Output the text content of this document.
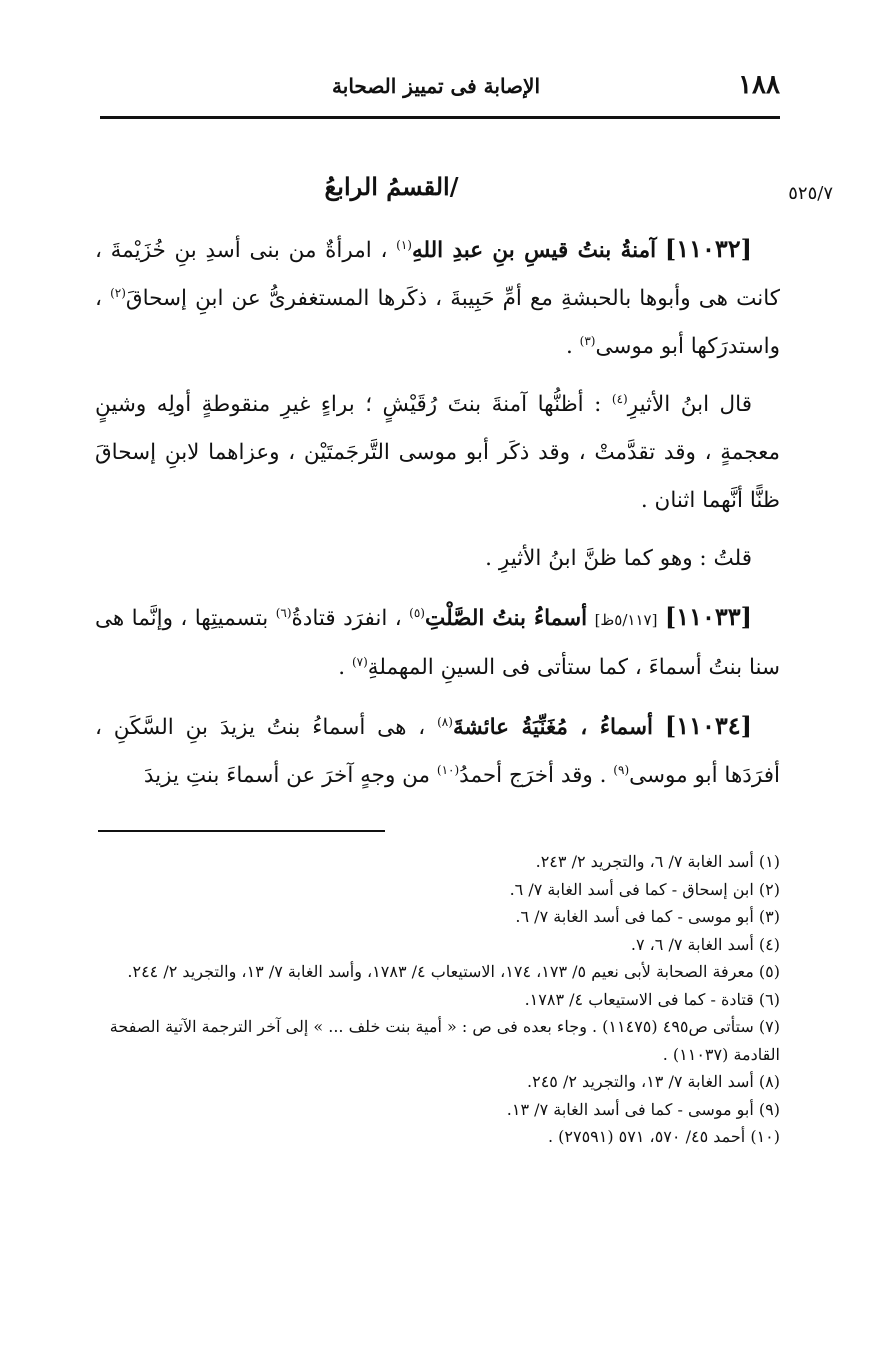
١٨٨
الإصابة فى تمييز الصحابة
٥٢٥/٧
/القسمُ الرابعُ

[١١٠٣٢] آمنةُ بنتُ قيسِ بنِ عبدِ اللهِ$^{(١)}$ ، امرأةٌ من بنى أسدِ بنِ خُزَيْمةَ ، كانت هى وأبوها بالحبشةِ مع أمِّ حَبِيبةَ ، ذكَرها المستغفرىُّ عن ابنِ إسحاقَ$^{(٢)}$ ، واستدرَكها أبو موسى$^{(٣)}$ .

قال ابنُ الأثيرِ$^{(٤)}$ : أظنُّها آمنةَ بنتَ رُقَيْشٍ ؛ براءٍ غيرِ منقوطةٍ أولِه وشينٍ معجمةٍ ، وقد تقدَّمتْ ، وقد ذكَر أبو موسى التَّرجَمتَيْن ، وعزاهما لابنِ إسحاقَ ظنًّا أنَّهما اثنان .

قلتُ : وهو كما ظنَّ ابنُ الأثيرِ .

[١١٠٣٣] [٥/١١٧ظ] أسماءُ بنتُ الصَّلْتِ$^{(٥)}$ ، انفرَد قتادةُ$^{(٦)}$ بتسميتِها ، وإنَّما هى سنا بنتُ أسماءَ ، كما ستأتى فى السينِ المهملةِ$^{(٧)}$ .

[١١٠٣٤] أسماءُ ، مُغَنِّيَةُ عائشةَ$^{(٨)}$ ، هى أسماءُ بنتُ يزيدَ بنِ السَّكَنِ ، أفرَدَها أبو موسى$^{(٩)}$ . وقد أخرَج أحمدُ$^{(١٠)}$ من وجهٍ آخرَ عن أسماءَ بنتِ يزيدَ

(١) أسد الغابة ٧/ ٦، والتجريد ٢/ ٢٤٣.
(٢) ابن إسحاق - كما فى أسد الغابة ٧/ ٦.
(٣) أبو موسى - كما فى أسد الغابة ٧/ ٦.
(٤) أسد الغابة ٧/ ٦، ٧.
(٥) معرفة الصحابة لأبى نعيم ٥/ ١٧٣، ١٧٤، الاستيعاب ٤/ ١٧٨٣، وأسد الغابة ٧/ ١٣، والتجريد ٢/ ٢٤٤.
(٦) قتادة - كما فى الاستيعاب ٤/ ١٧٨٣.
(٧) ستأتى ص٤٩٥ (١١٤٧٥) . وجاء بعده فى ص : « أمية بنت خلف ... » إلى آخر الترجمة الآتية الصفحة القادمة (١١٠٣٧) .
(٨) أسد الغابة ٧/ ١٣، والتجريد ٢/ ٢٤٥.
(٩) أبو موسى - كما فى أسد الغابة ٧/ ١٣.
(١٠) أحمد ٤٥/ ٥٧٠، ٥٧١ (٢٧٥٩١) .
